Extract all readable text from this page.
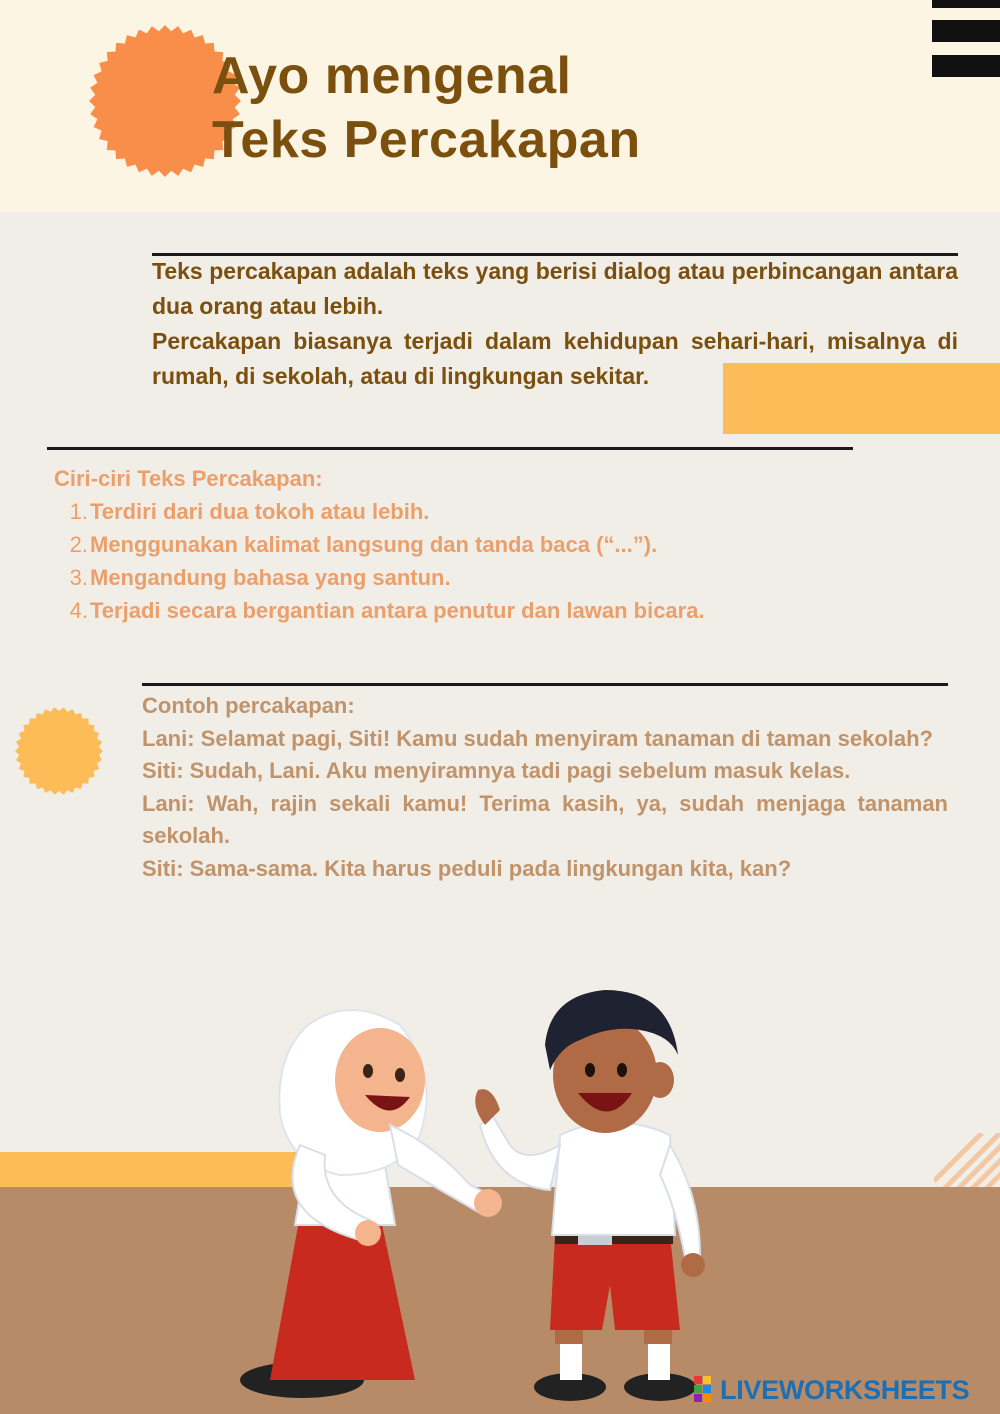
Ayo mengenal
Teks Percakapan

Teks percakapan adalah teks yang berisi dialog atau perbincangan antara dua orang atau lebih.

Percakapan biasanya terjadi dalam kehidupan sehari-hari, misalnya di rumah, di sekolah, atau di lingkungan sekitar.

Ciri-ciri Teks Percakapan:
1. Terdiri dari dua tokoh atau lebih.
2. Menggunakan kalimat langsung dan tanda baca (“...”).
3. Mengandung bahasa yang santun.
4. Terjadi secara bergantian antara penutur dan lawan bicara.

Contoh percakapan:

Lani: Selamat pagi, Siti! Kamu sudah menyiram tanaman di taman sekolah?

Siti: Sudah, Lani. Aku menyiramnya tadi pagi sebelum masuk kelas.

Lani: Wah, rajin sekali kamu! Terima kasih, ya, sudah menjaga tanaman sekolah.

Siti: Sama-sama. Kita harus peduli pada lingkungan kita, kan?

LIVEWORKSHEETS
